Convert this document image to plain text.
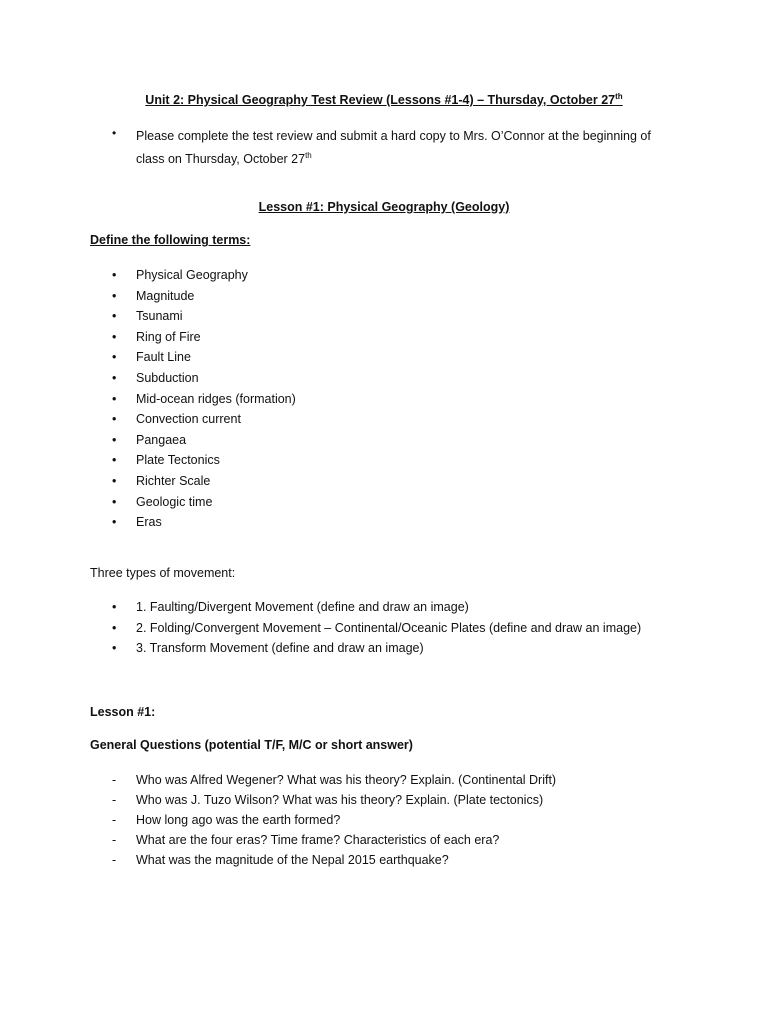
Unit 2: Physical Geography Test Review (Lessons #1-4) – Thursday, October 27th
•	Please complete the test review and submit a hard copy to Mrs. O’Connor at the beginning of class on Thursday, October 27th
Lesson #1: Physical Geography (Geology)
Define the following terms:
• Physical Geography
• Magnitude
• Tsunami
• Ring of Fire
• Fault Line
• Subduction
• Mid-ocean ridges (formation)
• Convection current
• Pangaea
• Plate Tectonics
• Richter Scale
• Geologic time
• Eras
Three types of movement:
• 1. Faulting/Divergent Movement (define and draw an image)
• 2. Folding/Convergent Movement – Continental/Oceanic Plates (define and draw an image)
• 3. Transform Movement (define and draw an image)
Lesson #1:
General Questions (potential T/F, M/C or short answer)
- Who was Alfred Wegener? What was his theory? Explain. (Continental Drift)
- Who was J. Tuzo Wilson? What was his theory? Explain. (Plate tectonics)
- How long ago was the earth formed?
- What are the four eras? Time frame? Characteristics of each era?
- What was the magnitude of the Nepal 2015 earthquake?
